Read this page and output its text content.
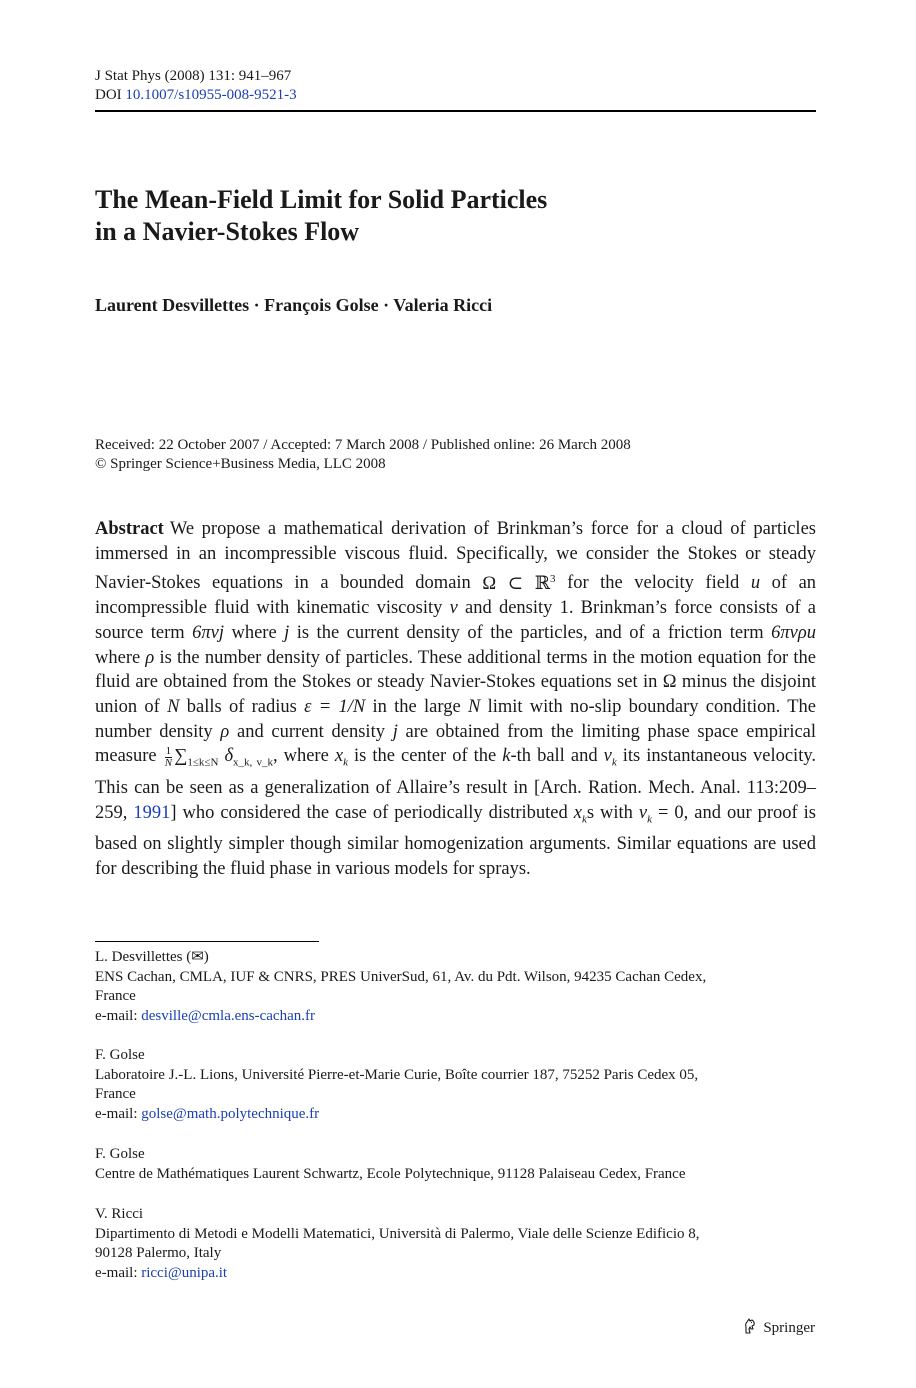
J Stat Phys (2008) 131: 941–967
DOI 10.1007/s10955-008-9521-3
The Mean-Field Limit for Solid Particles
in a Navier-Stokes Flow
Laurent Desvillettes · François Golse · Valeria Ricci
Received: 22 October 2007 / Accepted: 7 March 2008 / Published online: 26 March 2008
© Springer Science+Business Media, LLC 2008

Abstract We propose a mathematical derivation of Brinkman’s force for a cloud of particles immersed in an incompressible viscous fluid. Specifically, we consider the Stokes or steady Navier-Stokes equations in a bounded domain Ω ⊂ ℝ$^3$ for the velocity field u of an incompressible fluid with kinematic viscosity ν and density 1. Brinkman’s force consists of a source term 6πνj where j is the current density of the particles, and of a friction term 6πνρu where ρ is the number density of particles. These additional terms in the motion equation for the fluid are obtained from the Stokes or steady Navier-Stokes equations set in Ω minus the disjoint union of N balls of radius ε = 1/N in the large N limit with no-slip boundary condition. The number density ρ and current density j are obtained from the limiting phase space empirical measure $\frac{1}{N} \sum_{1\le k\le N}$ $\delta_{x\_k, v\_k}$, where $x_k$ is the center of the k-th ball and $v_k$ its instantaneous velocity. This can be seen as a generalization of Allaire’s result in [Arch. Ration. Mech. Anal. 113:209–259, 1991] who considered the case of periodically distributed $x_ks$ with $v_k = 0$, and our proof is based on slightly simpler though similar homogenization arguments. Similar equations are used for describing the fluid phase in various models for sprays.

L. Desvillettes (✉)
ENS Cachan, CMLA, IUF & CNRS, PRES UniverSud, 61, Av. du Pdt. Wilson, 94235 Cachan Cedex,
France
e-mail: desville@cmla.ens-cachan.fr
F. Golse
Laboratoire J.-L. Lions, Université Pierre-et-Marie Curie, Boîte courrier 187, 75252 Paris Cedex 05,
France
e-mail: golse@math.polytechnique.fr
F. Golse
Centre de Mathématiques Laurent Schwartz, Ecole Polytechnique, 91128 Palaiseau Cedex, France
V. Ricci
Dipartimento di Metodi e Modelli Matematici, Università di Palermo, Viale delle Scienze Edificio 8,
90128 Palermo, Italy
e-mail: ricci@unipa.it
Springer
